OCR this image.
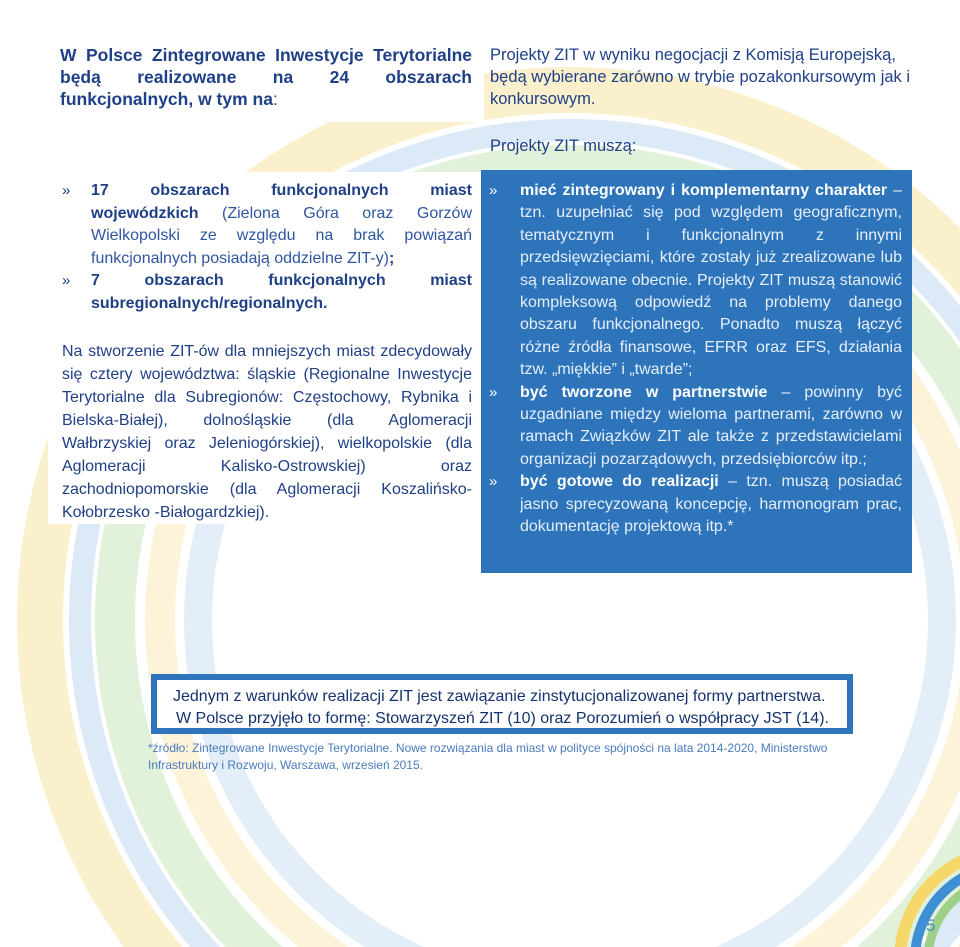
W Polsce Zintegrowane Inwestycje Terytorialne będą realizowane na 24 obszarach funkcjonalnych, w tym na:

Projekty ZIT w wyniku negocjacji z Komisją Europejską, będą wybierane zarówno w trybie pozakonkursowym jak i konkursowym.

Projekty ZIT muszą:
» 17 obszarach funkcjonalnych miast wojewódzkich (Zielona Góra oraz Gorzów Wielkopolski ze względu na brak powiązań funkcjonalnych posiadają oddzielne ZIT-y);
» 7 obszarach funkcjonalnych miast subregionalnych/regionalnych.

Na stworzenie ZIT-ów dla mniejszych miast zdecydowały się cztery województwa: śląskie (Regionalne Inwestycje Terytorialne dla Subregionów: Częstochowy, Rybnika i Bielska-Białej), dolnośląskie (dla Aglomeracji Wałbrzyskiej oraz Jeleniogórskiej), wielkopolskie (dla Aglomeracji Kalisko-Ostrowskiej) oraz zachodniopomorskie (dla Aglomeracji Koszalińsko-Kołobrzesko -Białogardzkiej).

» mieć zintegrowany i komplementarny charakter – tzn. uzupełniać się pod względem geograficznym, tematycznym i funkcjonalnym z innymi przedsięwzięciami, które zostały już zrealizowane lub są realizowane obecnie. Projekty ZIT muszą stanowić kompleksową odpowiedź na problemy danego obszaru funkcjonalnego. Ponadto muszą łączyć różne źródła finansowe, EFRR oraz EFS, działania tzw. „miękkie” i „twarde”;
» być tworzone w partnerstwie – powinny być uzgadniane między wieloma partnerami, zarówno w ramach Związków ZIT ale także z przedstawicielami organizacji pozarządowych, przedsiębiorców itp.;
» być gotowe do realizacji – tzn. muszą posiadać jasno sprecyzowaną koncepcję, harmonogram prac, dokumentację projektową itp.*

Jednym z warunków realizacji ZIT jest zawiązanie zinstytucjonalizowanej formy partnerstwa.

W Polsce przyjęło to formę: Stowarzyszeń ZIT (10) oraz Porozumień o współpracy JST (14).

*źródło: Zintegrowane Inwestycje Terytorialne. Nowe rozwiązania dla miast w polityce spójności na lata 2014-2020, Ministerstwo Infrastruktury i Rozwoju, Warszawa, wrzesień 2015.

5
